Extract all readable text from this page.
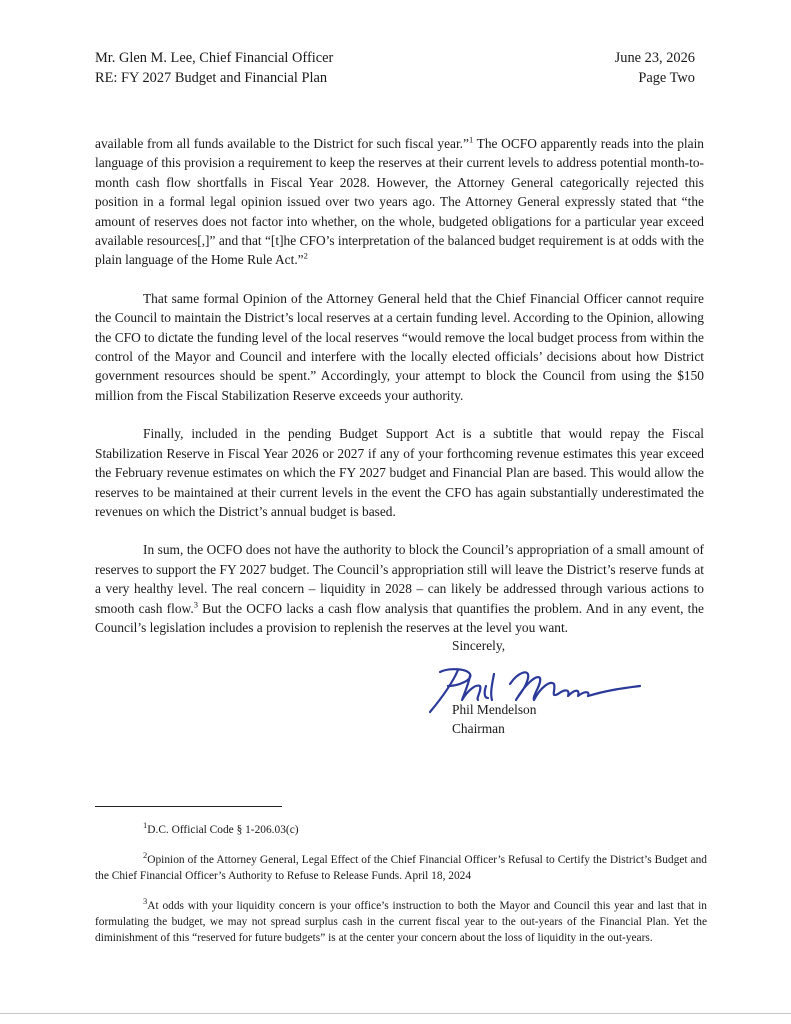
Mr. Glen M. Lee, Chief Financial Officer
RE: FY 2027 Budget and Financial Plan
June 23, 2026
Page Two

available from all funds available to the District for such fiscal year.”$^1$ The OCFO apparently reads into the plain language of this provision a requirement to keep the reserves at their current levels to address potential month-to-month cash flow shortfalls in Fiscal Year 2028. However, the Attorney General categorically rejected this position in a formal legal opinion issued over two years ago. The Attorney General expressly stated that “the amount of reserves does not factor into whether, on the whole, budgeted obligations for a particular year exceed available resources[,]” and that “[t]he CFO’s interpretation of the balanced budget requirement is at odds with the plain language of the Home Rule Act.”$^2$

That same formal Opinion of the Attorney General held that the Chief Financial Officer cannot require the Council to maintain the District’s local reserves at a certain funding level. According to the Opinion, allowing the CFO to dictate the funding level of the local reserves “would remove the local budget process from within the control of the Mayor and Council and interfere with the locally elected officials’ decisions about how District government resources should be spent.” Accordingly, your attempt to block the Council from using the $150 million from the Fiscal Stabilization Reserve exceeds your authority.

Finally, included in the pending Budget Support Act is a subtitle that would repay the Fiscal Stabilization Reserve in Fiscal Year 2026 or 2027 if any of your forthcoming revenue estimates this year exceed the February revenue estimates on which the FY 2027 budget and Financial Plan are based. This would allow the reserves to be maintained at their current levels in the event the CFO has again substantially underestimated the revenues on which the District’s annual budget is based.

In sum, the OCFO does not have the authority to block the Council’s appropriation of a small amount of reserves to support the FY 2027 budget. The Council’s appropriation still will leave the District’s reserve funds at a very healthy level. The real concern – liquidity in 2028 – can likely be addressed through various actions to smooth cash flow.$^3$ But the OCFO lacks a cash flow analysis that quantifies the problem. And in any event, the Council’s legislation includes a provision to replenish the reserves at the level you want.

Sincerely,
Phil Mendelson
Chairman
$^1$D.C. Official Code § 1-206.03(c)
$^2$Opinion of the Attorney General, Legal Effect of the Chief Financial Officer’s Refusal to Certify the District’s Budget and the Chief Financial Officer’s Authority to Refuse to Release Funds. April 18, 2024
$^3$At odds with your liquidity concern is your office’s instruction to both the Mayor and Council this year and last that in formulating the budget, we may not spread surplus cash in the current fiscal year to the out-years of the Financial Plan. Yet the diminishment of this “reserved for future budgets” is at the center your concern about the loss of liquidity in the out-years.
